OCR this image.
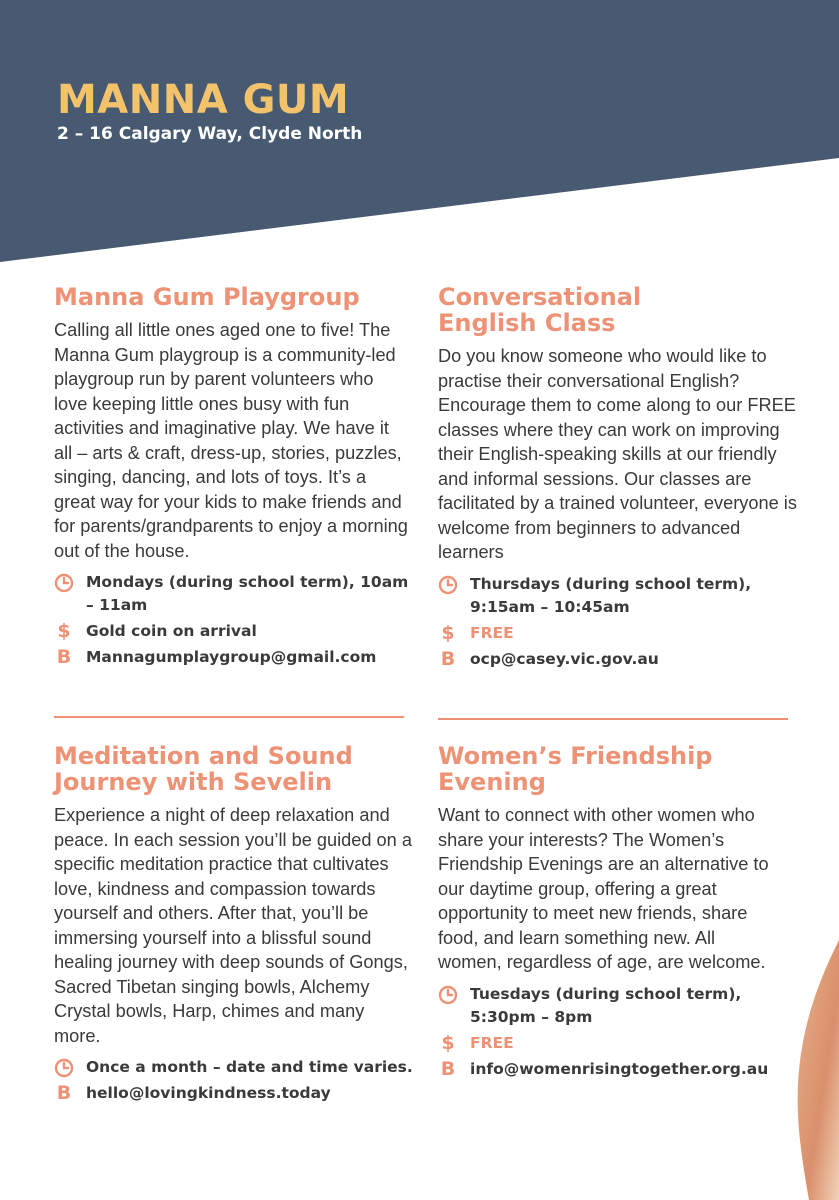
MANNA GUM

2 – 16 Calgary Way, Clyde North

Manna Gum Playgroup

Calling all little ones aged one to five! The Manna Gum playgroup is a community-led playgroup run by parent volunteers who love keeping little ones busy with fun activities and imaginative play. We have it all – arts & craft, dress-up, stories, puzzles, singing, dancing, and lots of toys. It’s a great way for your kids to make friends and for parents/grandparents to enjoy a morning out of the house.

Mondays (during school term), 10am – 11am
$ Gold coin on arrival
B Mannagumplaygroup@gmail.com
Conversational
English Class

Do you know someone who would like to practise their conversational English? Encourage them to come along to our FREE classes where they can work on improving their English-speaking skills at our friendly and informal sessions. Our classes are facilitated by a trained volunteer, everyone is welcome from beginners to advanced learners

Thursdays (during school term), 9:15am – 10:45am
$ FREE
B ocp@casey.vic.gov.au
Meditation and Sound
Journey with Sevelin

Experience a night of deep relaxation and peace. In each session you’ll be guided on a specific meditation practice that cultivates love, kindness and compassion towards yourself and others. After that, you’ll be immersing yourself into a blissful sound healing journey with deep sounds of Gongs, Sacred Tibetan singing bowls, Alchemy Crystal bowls, Harp, chimes and many more.

Once a month – date and time varies.
B hello@lovingkindness.today
Women’s Friendship
Evening

Want to connect with other women who share your interests? The Women’s Friendship Evenings are an alternative to our daytime group, offering a great opportunity to meet new friends, share food, and learn something new. All women, regardless of age, are welcome.

Tuesdays (during school term), 5:30pm – 8pm
$ FREE
B info@womenrisingtogether.org.au
